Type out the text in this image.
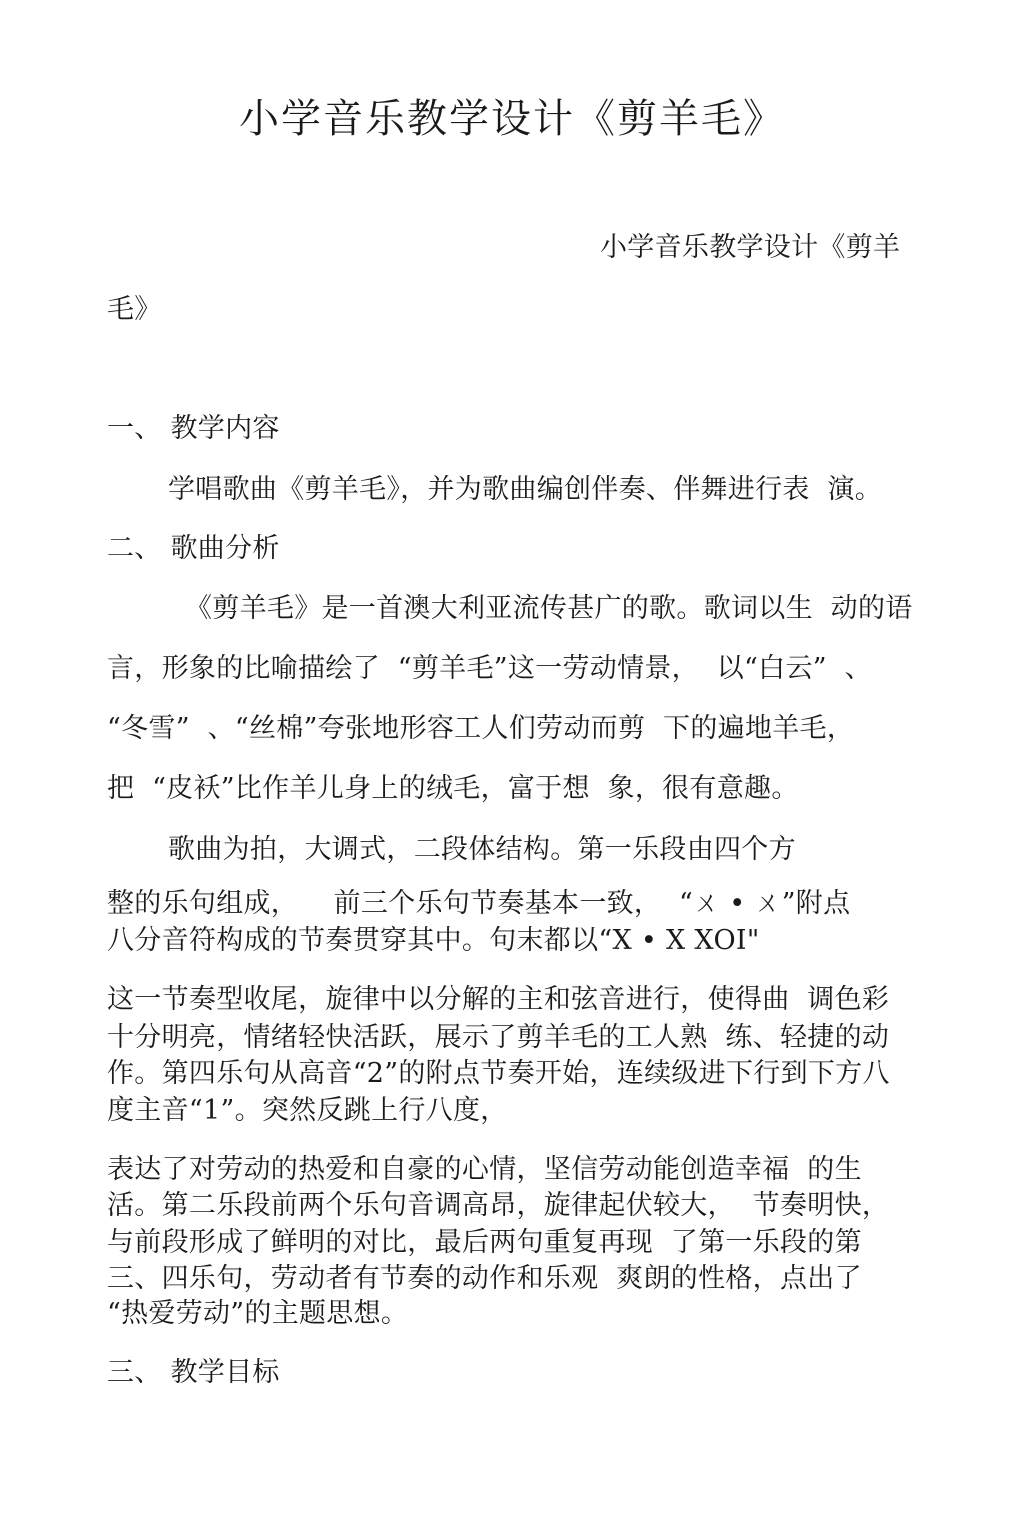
小学音乐教学设计《剪羊毛》
小学音乐教学设计《剪羊
毛》
一、 教学内容
学唱歌曲《剪羊毛》，并为歌曲编创伴奏、伴舞进行表  演。
二、 歌曲分析
《剪羊毛》是一首澳大利亚流传甚广的歌。歌词以生  动的语
言，形象的比喻描绘了  “剪羊毛”这一劳动情景，  以“白云”  、
“冬雪”  、“丝棉”夸张地形容工人们劳动而剪  下的遍地羊毛，
把  “皮袄”比作羊儿身上的绒毛，富于想  象，很有意趣。
歌曲为拍，大调式，二段体结构。第一乐段由四个方
整的乐句组成，    前三个乐句节奏基本一致，  “ㄨ • ㄨ”附点
八分音符构成的节奏贯穿其中。句末都以“X • X XOI"
这一节奏型收尾，旋律中以分解的主和弦音进行，使得曲  调色彩
十分明亮，情绪轻快活跃，展示了剪羊毛的工人熟  练、轻捷的动
作。第四乐句从高音“2”的附点节奏开始，连续级进下行到下方八
度主音“1”。突然反跳上行八度，
表达了对劳动的热爱和自豪的心情，坚信劳动能创造幸福  的生
活。第二乐段前两个乐句音调高昂，旋律起伏较大，  节奏明快，
与前段形成了鲜明的对比，最后两句重复再现  了第一乐段的第
三、四乐句，劳动者有节奏的动作和乐观  爽朗的性格，点出了
“热爱劳动”的主题思想。
三、 教学目标
